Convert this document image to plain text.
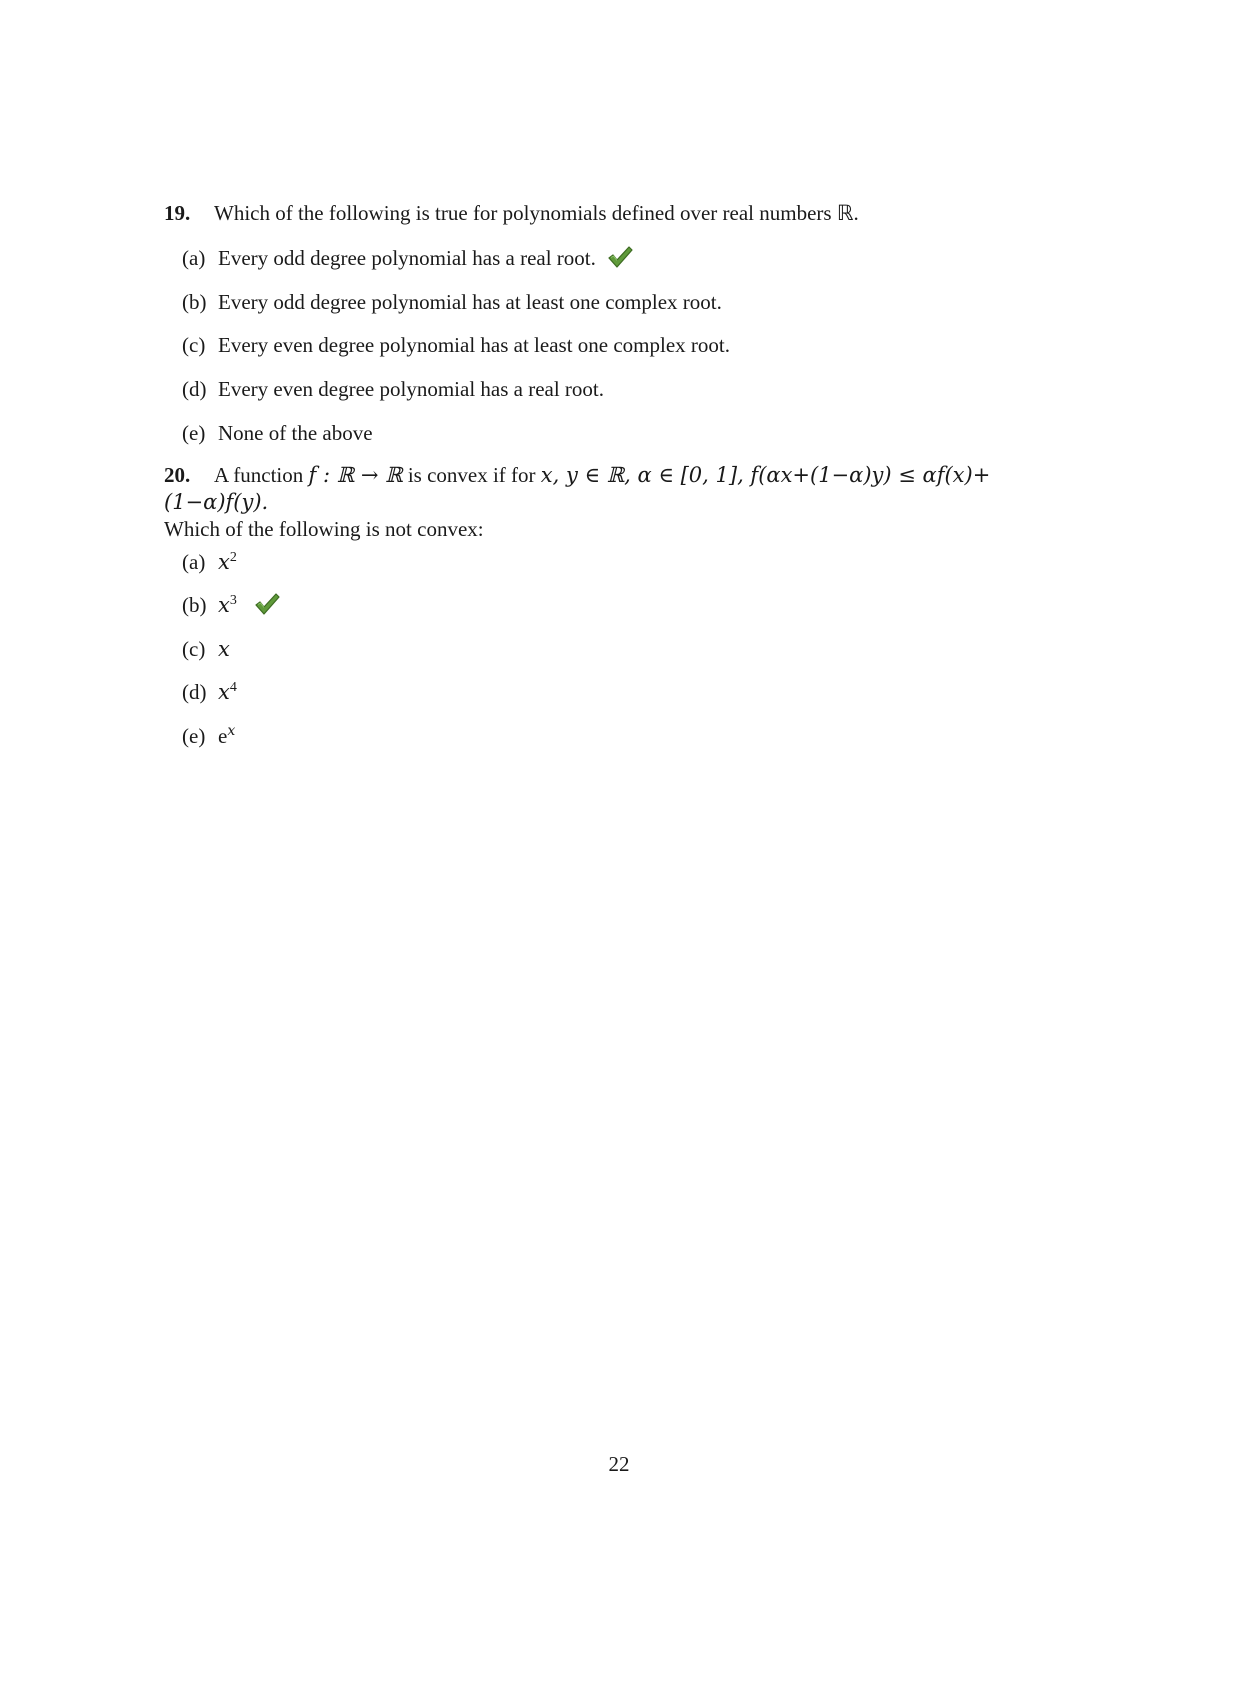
19. Which of the following is true for polynomials defined over real numbers ℝ.
(a) Every odd degree polynomial has a real root.
(b) Every odd degree polynomial has at least one complex root.
(c) Every even degree polynomial has at least one complex root.
(d) Every even degree polynomial has a real root.
(e) None of the above
20. A function f : ℝ → ℝ is convex if for x, y ∈ ℝ, α ∈ [0, 1], f(αx+(1−α)y) ≤ αf(x)+(1−α)f(y).
Which of the following is not convex:
(a) $x^2$
(b) $x^3$
(c) x
(d) $x^4$
(e) $e^x$
22
